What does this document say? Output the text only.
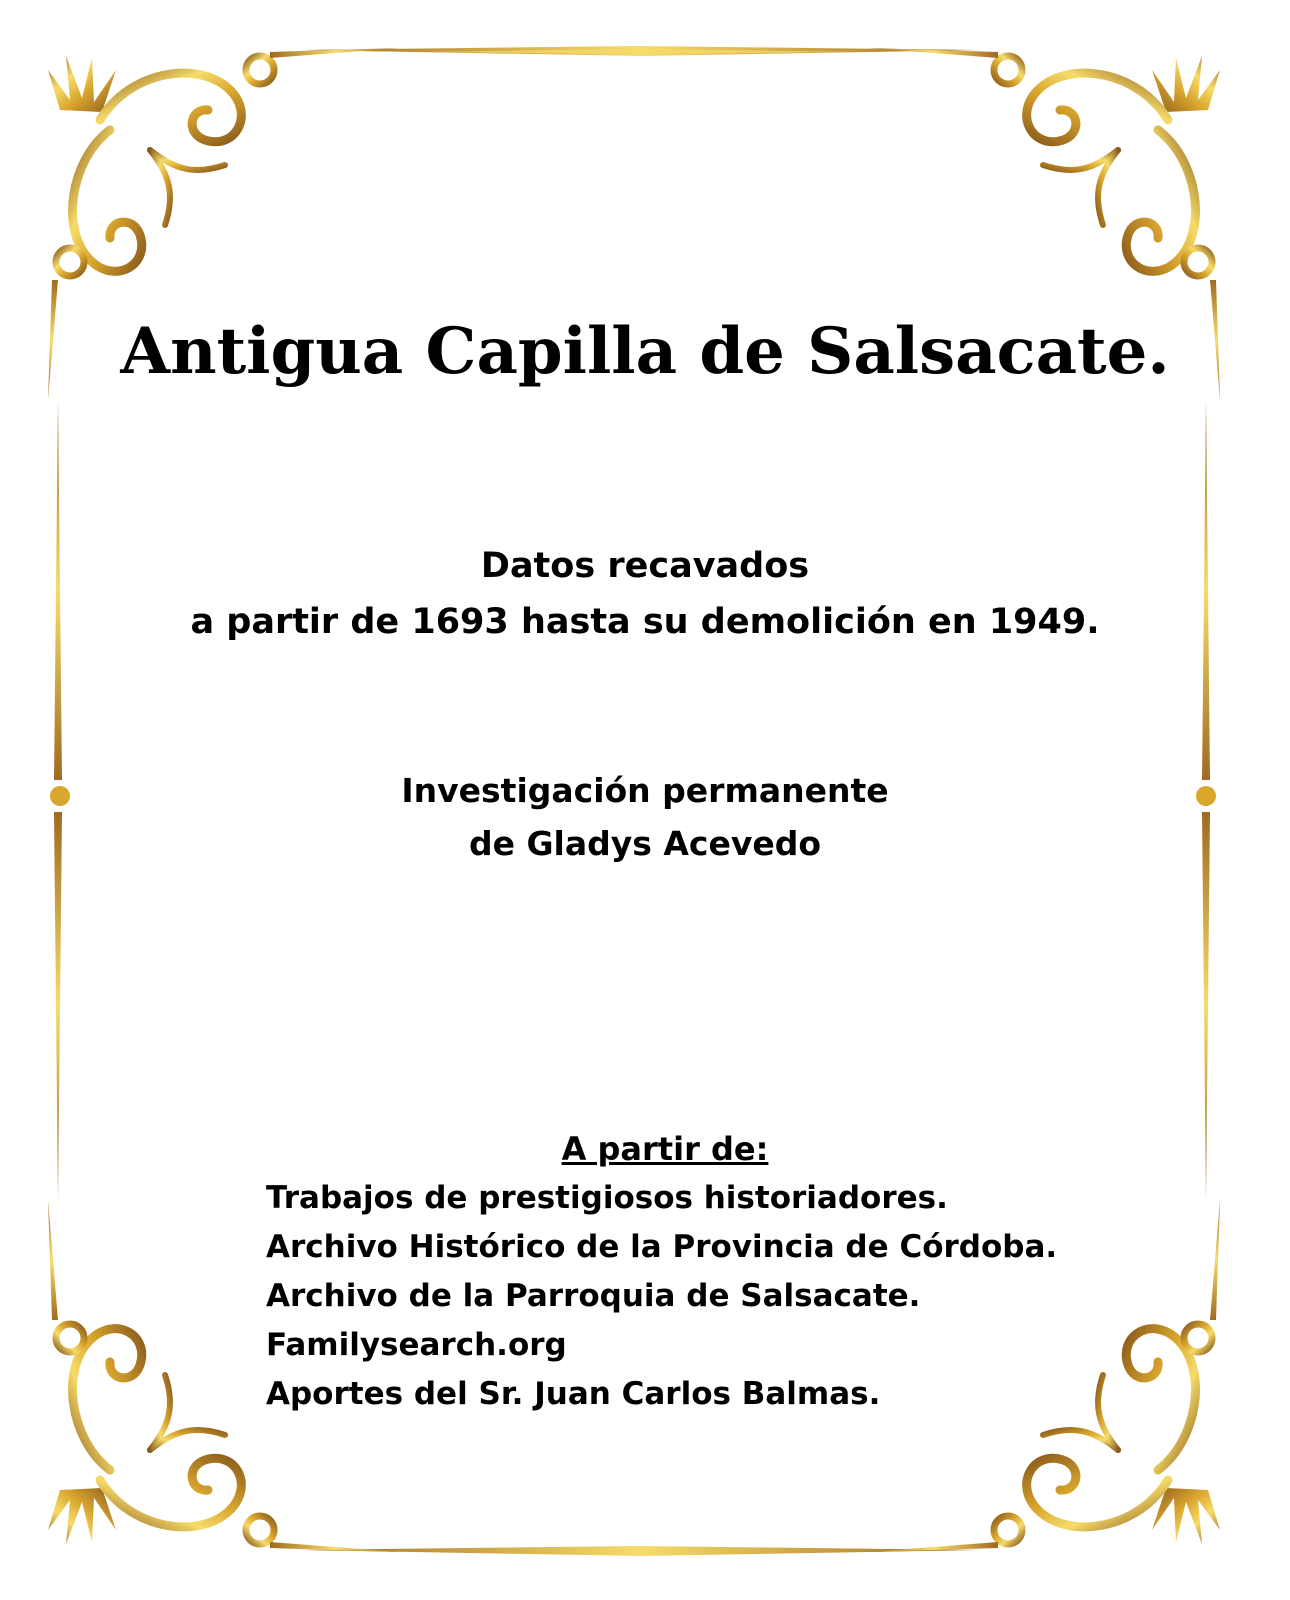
Antigua Capilla de Salsacate.
Datos recavados
a partir de 1693 hasta su demolición en 1949.
Investigación permanente
de Gladys Acevedo
A partir de:
Trabajos de prestigiosos historiadores.
Archivo Histórico de la Provincia de Córdoba.
Archivo de la Parroquia de Salsacate.
Familysearch.org
Aportes del Sr. Juan Carlos Balmas.
